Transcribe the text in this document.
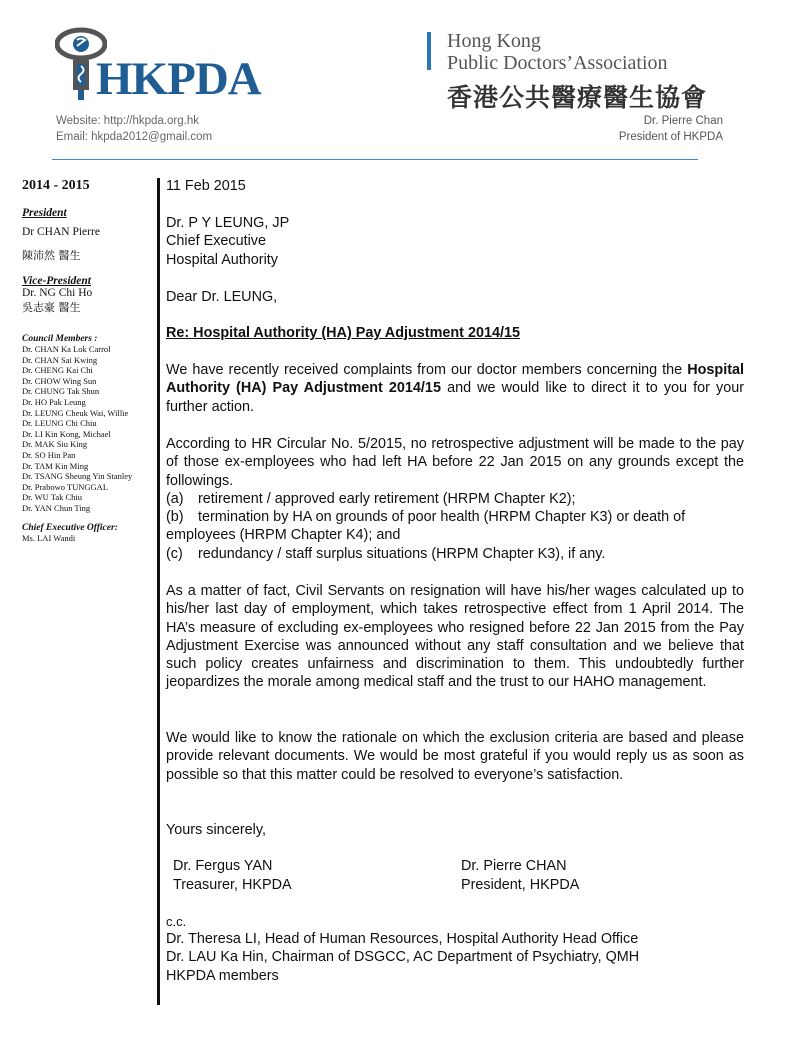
HKPDA
Hong Kong
Public Doctors’Association
香港公共醫療醫生協會
Website: http://hkpda.org.hk
Email: hkpda2012@gmail.com
Dr. Pierre Chan
President of HKPDA
2014 - 2015
President
Dr CHAN Pierre
陳沛然 醫生
Vice-President
Dr. NG Chi Ho
吳志豪 醫生
Council Members :
Dr. CHAN Ka Lok Carrol
Dr. CHAN Sai Kwing
Dr. CHENG Kai Chi
Dr. CHOW Wing Sun
Dr. CHUNG Tak Shun
Dr. HO Pak Leung
Dr. LEUNG Cheuk Wai, Willie
Dr. LEUNG Chi Chiu
Dr. LI Kin Kong, Michael
Dr. MAK Siu King
Dr. SO Hin Pan
Dr. TAM Kin Ming
Dr. TSANG Sheung Yin Stanley
Dr. Prabowo TUNGGAL
Dr. WU Tak Chiu
Dr. YAN Chun Ting
Chief Executive Officer:
Ms. LAI Wandi
11 Feb 2015
Dr. P Y LEUNG, JP
Chief Executive
Hospital Authority
Dear Dr. LEUNG,
Re: Hospital Authority (HA) Pay Adjustment 2014/15
We have recently received complaints from our doctor members concerning the Hospital Authority (HA) Pay Adjustment 2014/15 and we would like to direct it to you for your further action.
According to HR Circular No. 5/2015, no retrospective adjustment will be made to the pay of those ex-employees who had left HA before 22 Jan 2015 on any grounds except the followings.
(a) retirement / approved early retirement (HRPM Chapter K2);
(b) termination by HA on grounds of poor health (HRPM Chapter K3) or death of
employees (HRPM Chapter K4); and
(c) redundancy / staff surplus situations (HRPM Chapter K3), if any.
As a matter of fact, Civil Servants on resignation will have his/her wages calculated up to his/her last day of employment, which takes retrospective effect from 1 April 2014. The HA’s measure of excluding ex-employees who resigned before 22 Jan 2015 from the Pay Adjustment Exercise was announced without any staff consultation and we believe that such policy creates unfairness and discrimination to them. This undoubtedly further jeopardizes the morale among medical staff and the trust to our HAHO management.
We would like to know the rationale on which the exclusion criteria are based and please provide relevant documents. We would be most grateful if you would reply us as soon as possible so that this matter could be resolved to everyone’s satisfaction.
Yours sincerely,
Dr. Fergus YAN
Treasurer, HKPDA
Dr. Pierre CHAN
President, HKPDA
c.c.
Dr. Theresa LI, Head of Human Resources, Hospital Authority Head Office
Dr. LAU Ka Hin, Chairman of DSGCC, AC Department of Psychiatry, QMH
HKPDA members
